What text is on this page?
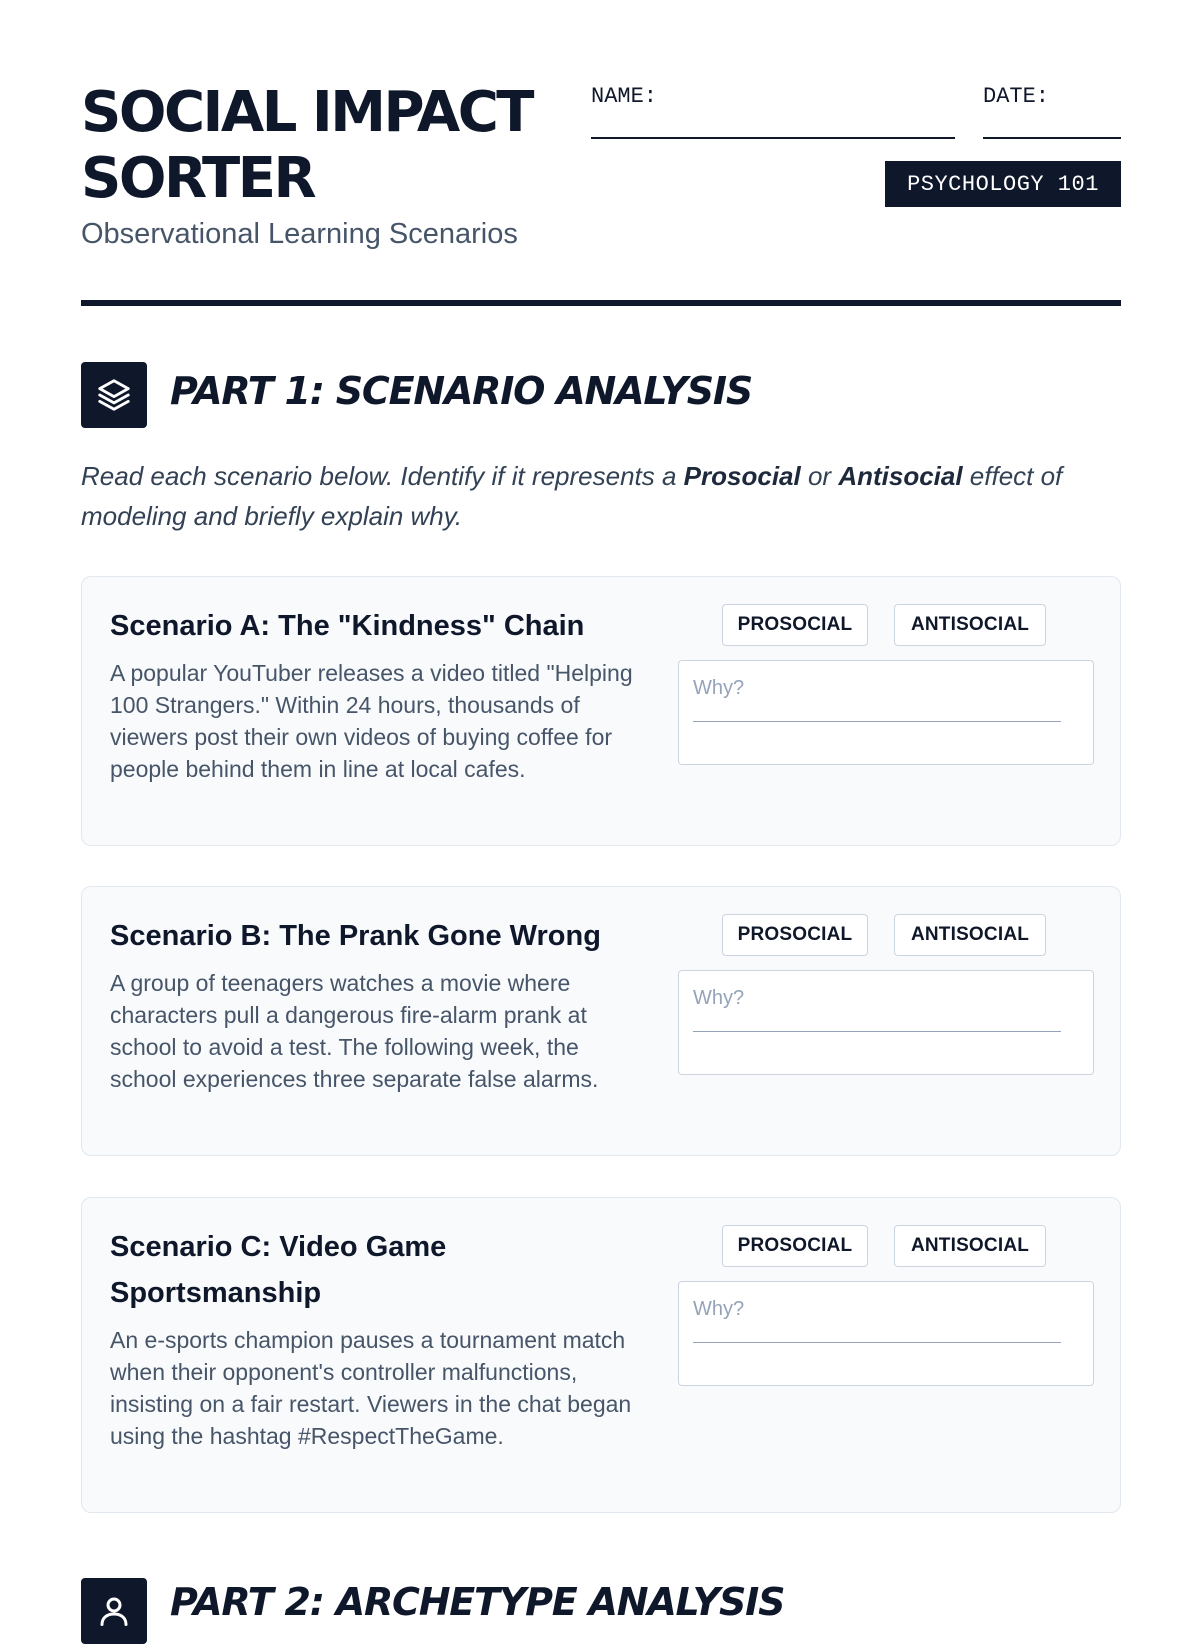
SOCIAL IMPACT
SORTER
Observational Learning Scenarios
NAME:	DATE:
PSYCHOLOGY 101
PART 1: SCENARIO ANALYSIS

Read each scenario below. Identify if it represents a Prosocial or Antisocial effect of modeling and briefly explain why.

Scenario A: The "Kindness" Chain

A popular YouTuber releases a video titled "Helping 100 Strangers." Within 24 hours, thousands of viewers post their own videos of buying coffee for people behind them in line at local cafes.

PROSOCIAL	ANTISOCIAL
Why?
Scenario B: The Prank Gone Wrong

A group of teenagers watches a movie where characters pull a dangerous fire-alarm prank at school to avoid a test. The following week, the school experiences three separate false alarms.

PROSOCIAL	ANTISOCIAL
Why?
Scenario C: Video Game Sportsmanship

An e-sports champion pauses a tournament match when their opponent's controller malfunctions, insisting on a fair restart. Viewers in the chat began using the hashtag #RespectTheGame.

PROSOCIAL	ANTISOCIAL
Why?
PART 2: ARCHETYPE ANALYSIS
